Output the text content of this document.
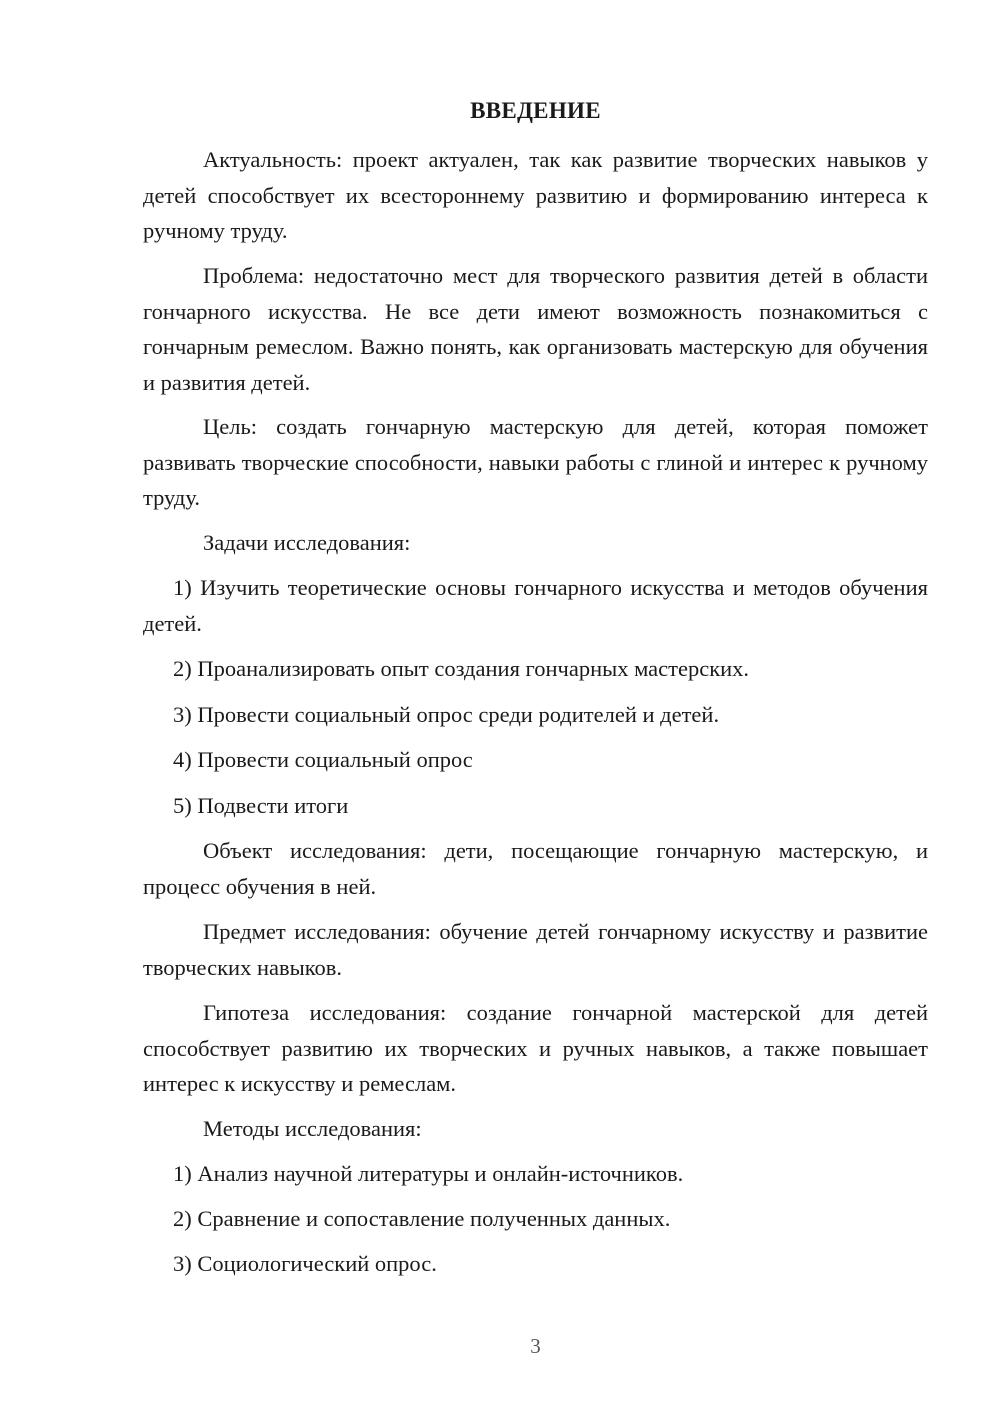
ВВЕДЕНИЕ

Актуальность: проект актуален, так как развитие творческих навыков у детей способствует их всестороннему развитию и формированию интереса к ручному труду.

Проблема: недостаточно мест для творческого развития детей в области гончарного искусства. Не все дети имеют возможность познакомиться с гончарным ремеслом. Важно понять, как организовать мастерскую для обучения и развития детей.

Цель: создать гончарную мастерскую для детей, которая поможет развивать творческие способности, навыки работы с глиной и интерес к ручному труду.

Задачи исследования:

1) Изучить теоретические основы гончарного искусства и методов обучения детей.

2) Проанализировать опыт создания гончарных мастерских.

3) Провести социальный опрос среди родителей и детей.

4) Провести социальный опрос

5) Подвести итоги

Объект исследования: дети, посещающие гончарную мастерскую, и процесс обучения в ней.

Предмет исследования: обучение детей гончарному искусству и развитие творческих навыков.

Гипотеза исследования: создание гончарной мастерской для детей способствует развитию их творческих и ручных навыков, а также повышает интерес к искусству и ремеслам.

Методы исследования:

1) Анализ научной литературы и онлайн-источников.

2) Сравнение и сопоставление полученных данных.

3) Социологический опрос.

3
